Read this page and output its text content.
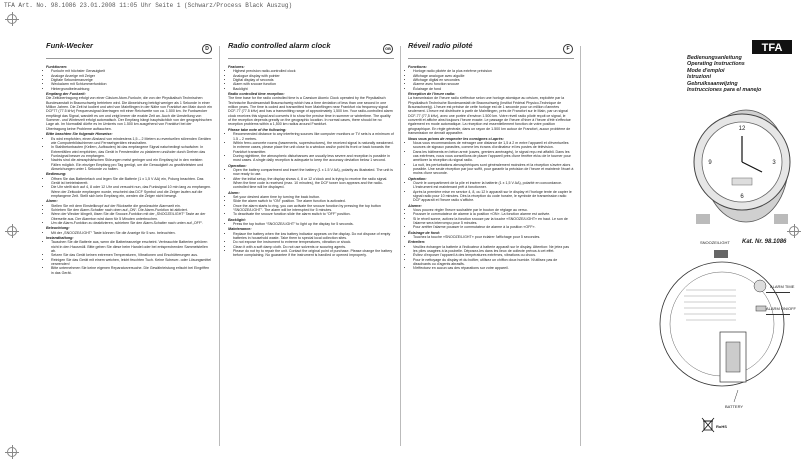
TFA Art. No. 98.1086 23.01.2008 11:05 Uhr Seite 1 (Schwarz/Process Black Auszug)
Funk-Wecker
Funktionen:
• Funkuhr mit höchster Genauigkeit
• Analoge Anzeige mit Zeiger
• Digitale Sekundenanzeige
• Weckalarm mit Schlummerfunktion
• Hintergrundbeleuchtung
Empfang der Funkzeit:

Die Zeitübertragung erfolgt von einer Cäsium Atom-Funkuhr, die von der Physikalisch Technischen Bundesanstalt in Braunschweig betrieben wird. Die Abweichung beträgt weniger als 1 Sekunde in einer Million Jahren. Die Zeit ist kodiert und wird von Mainflingen in der Nähe von Frankfurt am Main durch ein DCF77 (77.5 kHz) Frequenzsignal übertragen mit einer Reichweite von ca. 1.500 km. Ihr Funkwecker empfängt das Signal, wandelt es um und zeigt immer die exakte Zeit an. Auch die Umstellung von Sommer- und Winterzeit erfolgt automatisch. Der Empfang hängt hauptsächlich von der geographischen Lage ab. Im Normalfall dürfte es im Umkreis von 1.500 km ausgehend von Frankfurt bei der Übertragung keine Probleme auftauchen.

Bitte beachten Sie folgende Hinweise:
• Es wird empfohlen, einen Abstand von mindestens 1,5 – 2 Metern zu eventuellen störenden Geräten wie Computerbildschirmen und Fernsehgeräten einzuhalten.
• In Stahlbetonbauten (Kellern, Aufbauten) ist das empfangene Signal naturbedingt schwächer. In Extremfällen wird empfohlen, das Gerät in Fensternähe zu platzieren und/oder durch Drehen das Funksignal besser zu empfangen.
• Nachts sind die atmosphärischen Störungen meist geringer und ein Empfang ist in den meisten Fällen möglich. Ein einziger Empfang pro Tag genügt, um die Genauigkeit zu gewährleisten und Abweichungen unter 1 Sekunde zu halten.
Bedienung:
• Öffnen Sie das Batteriefach und legen Sie die Batterie (1 x 1,5 V AA) ein, Polung beachten. Das Gerät ist betriebsbereit.
• Die Uhr stellt sich auf 4, 8 oder 12 Uhr und versucht nun, das Funksignal 10 min lang zu empfangen. Wenn der Zeitcode empfangen wurde, erscheint das DCF Symbol und die Zeiger laufen auf die empfangene Zeit. Stellt sich kein Empfang ein, werden die Zeiger nicht bewegt.
Alarm:
• Stellen Sie mit dem Einstellknopf auf der Rückseite die gewünschte Alarmzeit ein.
• Schieben Sie den Alarm-Schalter nach oben auf „ON“. Die Alarm-Funktion ist aktiviert.
• Wenn der Wecker klingelt, lösen Sie die Snooze-Funktion mit der „SNOOZE/LIGHT“ Taste an der Oberseite aus. Der Alarmton wird dann für 5 Minuten unterbrochen.
• Um die Alarm-Funktion zu deaktivieren, schieben Sie den Alarm-Schalter nach unten auf „OFF“.
Beleuchtung:
• Mit der „SNOOZE/LIGHT“ Taste können Sie die Anzeige für 5 sec. beleuchten.
Instandhaltung:
• Tauschen Sie die Batterie aus, wenn die Batterieanzeige erscheint. Verbrauchte Batterien gehören nicht in den Hausmüll. Bitte geben Sie diese beim Handel oder bei entsprechenden Sammelstellen ab.
• Setzen Sie das Gerät keinen extremen Temperaturen, Vibrationen und Erschütterungen aus.
• Reinigen Sie das Gerät mit einem weichen, leicht feuchten Tuch. Keine Scheuer- oder Lösungsmittel verwenden!
• Bitte unternehmen Sie keine eigenen Reparaturversuche. Die Gewährleistung erlischt bei Eingriffen in das Gerät.
D	Radio controlled alarm clock
Features:
• Highest precision radio-controlled clock
• Analogue display with pointer
• Digital display of seconds
• Alarm with snooze function
• Backlight
Radio controlled time reception:

The time base for the radio controlled time is a Caesium Atomic Clock operated by the Physikalisch Technische Bundesanstalt Braunschweig which has a time deviation of less than one second in one million years. The time is coded and transmitted from Mainflingen near Frankfurt via frequency signal DCF-77 (77.5 kHz) and has a transmitting range of approximately 1,500 km. Your radio-controlled alarm clock receives this signal and converts it to show the precise time in summer or wintertime. The quality of the reception depends greatly on the geographic location. In normal cases, there should be no reception problems within a 1,500 km radius around Frankfurt.

Please take note of the following:
• Recommended distance to any interfering sources like computer monitors or TV sets is a minimum of 1.5 – 2 metres.
• Within ferro-concrete rooms (basements, superstructures), the received signal is naturally weakened. In extreme cases, please place the unit close to a window and/or point its front or back towards the Frankfurt transmitter.
• During nighttime, the atmospheric disturbances are usually less severe and reception is possible in most cases. A single daily reception is adequate to keep the accuracy deviation below 1 second.
Operation:
• Open the battery compartment and insert the battery (1 x 1.5 V AA), polarity as illustrated. The unit is now ready to use.
• After the initial setup, the display shows 4, 8 or 12 o'clock and is trying to receive the radio signal. When the time code is received (max. 10 minutes), the DCF tower icon appears and the radio-controlled time will be displayed.
Alarm:
• Set your desired alarm time by turning the back button.
• Slide the alarm switch to “ON” position. The alarm function is activated.
• Once the alarm starts to ring, you can activate the snooze function by pressing the top button “SNOOZE/LIGHT”. The alarm will be interrupted for 5 minutes.
• To deactivate the snooze function slide the alarm switch to “OFF” position.
Backlight:
• Press the top button “SNOOZE/LIGHT” to light up the display for 5 seconds.
Maintenance:
• Replace the battery when the low battery indicator appears on the display. Do not dispose of empty batteries in household waste. Take them to special local collection sites.
• Do not expose the instrument to extreme temperatures, vibration or shock.
• Clean it with a soft damp cloth. Do not use solvents or scouring agents.
• Please do not try to repair the unit. Contact the original point of purchase. Please change the battery before complaining. No guarantee if the instrument is handled or opened improperly.
GB Réveil radio piloté
Fonctions:
• Horloge radio pilotée de la plus extrême précision
• Affichage analogue avec aiguille
• Affichage digital en secondes
• Alarme avec fonction snooze
• Éclairage de fond
Réception de l'heure radio:

La transmission de l'heure radio s'effectue selon une horloge atomique au césium, exploitée par la Physikalisch Technische Bundesanstalt de Braunschweig (Institut Fédéral Physico-Technique de Braunschweig). L'heure est précise de cette horloge est de 1 seconde pour un million d'années seulement. L'heure est distribuée à partir de Mainflingen, près de Francfort sur le Main, par un signal DCF-77 (77,5 kHz), avec une portée d'environ 1.500 km. Votre réveil radio piloté reçoit ce signal, le convertit et affiche ainsi toujours l'heure exacte. Le passage de l'heure d'hiver à l'heure d'été s'effectue également en mode automatique. La réception est essentiellement fonction de votre position géographique. En règle générale, dans un rayon de 1.500 km autour de Francfort, aucun problème de transmission ne devrait apparaître.

Nous vous prions de respecter les consignes ci-après:
• Nous vous recommandons de ménager une distance de 1,5 à 2 m entre l'appareil et d'éventuelles sources de signaux parasites, comme les écrans d'ordinateur et les postes de télévision.
• Dans les bâtiments en béton armé (caves, greniers aménagés), le signal reçu est affaibli. Dans les cas extrêmes, nous vous conseillons de placer l'appareil près d'une fenêtre et/ou de le tourner pour améliorer la réception du signal radio.
• La nuit, les perturbations atmosphériques sont généralement moindres et la réception s'avère alors possible. Une seule réception par jour suffit, pour garantir la précision de l'heure et maintenir l'écart à moins d'une seconde.
Opération:
• Ouvrir le compartiment de la pile et insérer la batterie (1 x 1,5 V AA), polarité en concordance. L'instrument est maintenant prêt à fonctionner.
• Après la première mise en service 4, 8, ou 12 h apparaît sur le display et l'horloge tente de capter le signal radio pour 10 minutes. Dès la réception du code horaire, le symbole de transmission radio DCF apparaît et l'heure radio s'affiche.
Alarme:
• Vous pouvez régler l'heure souhaitée par le bouton de réglage au verso.
• Pousser le commutateur de alarme à la position «ON». La fonction alarme est activée.
• Si le réveil sonne, activez la fonction snooze par la touche «SNOOZE/LIGHT» en haut. Le son de l'alarme sera interrompu pour 5 minutes.
• Pour arrêter l'alarme pousser le commutateur de alarme à la position «OFF».
Éclairage de fond:
• Touchez la touche «SNOOZE/LIGHT» pour éclairer l'affichage pour 5 secondes.
Entretien:
• Veuillez échanger la batterie à l'indicateur à batterie apparaît sur le display. Attention: Ne jetez pas les piles usagées à la poubelle. Déposez-les dans les lieux de collecte prévus à cet effet.
• Évitez d'exposer l'appareil à des températures extrêmes, vibrations ou chocs.
• Pour le nettoyage du display et du boîtier, utilisez un chiffon doux humide. N'utilisez pas de dissolvants ou d'agents abrasifs.
• N'effectuez en aucun cas des réparations sur votre appareil.
F	TFA
Bedienungsanleitung
Operating Instructions
Mode d'emploi
Istruzioni
Gebruiksaanwijzing
Instrucciones para el manejo
12
3
6
9
Kat. Nr. 98.1086
SNOOZE/LIGHT
ALARM TIME
ALARM ON/OFF
BATTERY
RoHS
